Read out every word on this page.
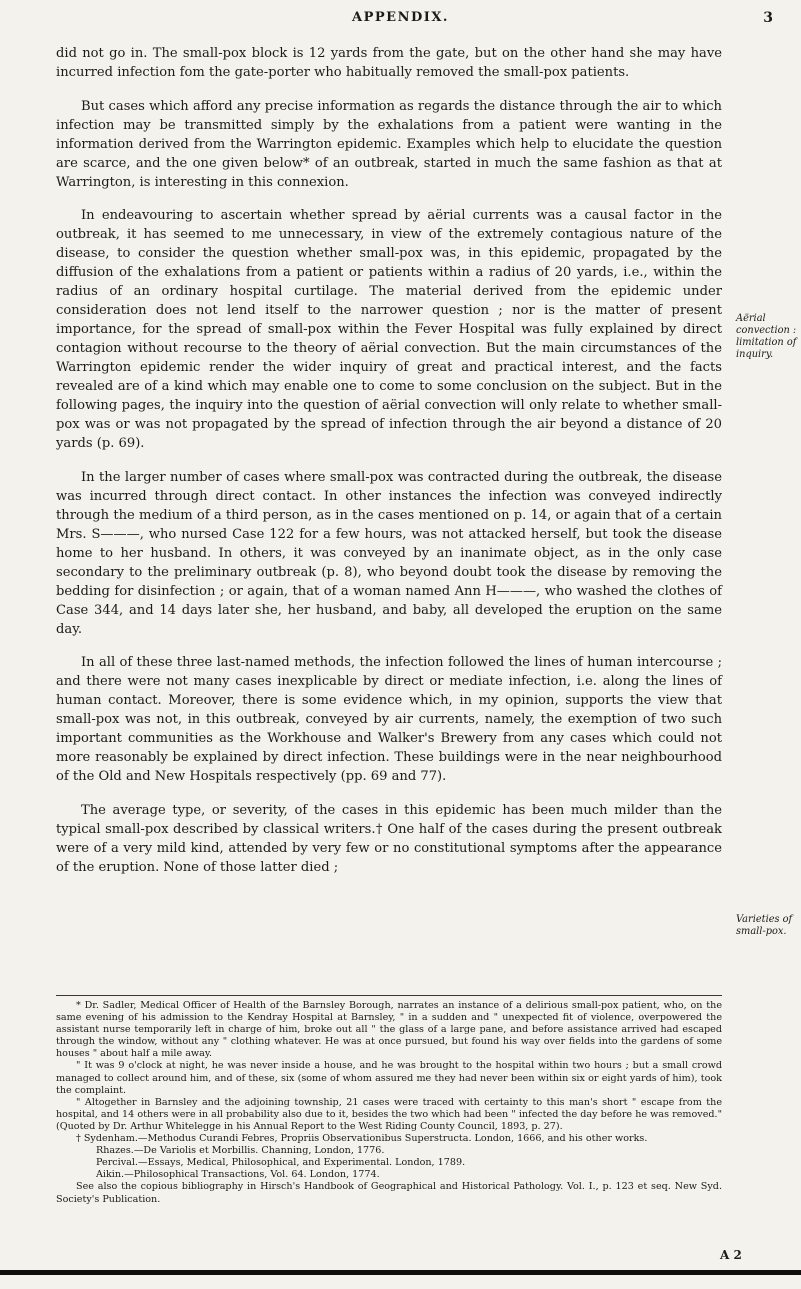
APPENDIX.	3

did not go in. The small-pox block is 12 yards from the gate, but on the other hand she may have incurred infection fom the gate-porter who habitually removed the small-pox patients.

But cases which afford any precise information as regards the distance through the air to which infection may be transmitted simply by the exhalations from a patient were wanting in the information derived from the Warrington epidemic. Examples which help to elucidate the question are scarce, and the one given below* of an outbreak, started in much the same fashion as that at Warrington, is interesting in this connexion.

In endeavouring to ascertain whether spread by aërial currents was a causal factor in the outbreak, it has seemed to me unnecessary, in view of the extremely contagious nature of the disease, to consider the question whether small-pox was, in this epidemic, propagated by the diffusion of the exhalations from a patient or patients within a radius of 20 yards, i.e., within the radius of an ordinary hospital curtilage. The material derived from the epidemic under consideration does not lend itself to the narrower question ; nor is the matter of present importance, for the spread of small-pox within the Fever Hospital was fully explained by direct contagion without recourse to the theory of aërial convection. But the main circumstances of the Warrington epidemic render the wider inquiry of great and practical interest, and the facts revealed are of a kind which may enable one to come to some conclusion on the subject. But in the following pages, the inquiry into the question of aërial convection will only relate to whether small-pox was or was not propagated by the spread of infection through the air beyond a distance of 20 yards (p. 69).

In the larger number of cases where small-pox was contracted during the outbreak, the disease was incurred through direct contact. In other instances the infection was conveyed indirectly through the medium of a third person, as in the cases mentioned on p. 14, or again that of a certain Mrs. S———, who nursed Case 122 for a few hours, was not attacked herself, but took the disease home to her husband. In others, it was conveyed by an inanimate object, as in the only case secondary to the preliminary outbreak (p. 8), who beyond doubt took the disease by removing the bedding for disinfection ; or again, that of a woman named Ann H———, who washed the clothes of Case 344, and 14 days later she, her husband, and baby, all developed the eruption on the same day.

In all of these three last-named methods, the infection followed the lines of human intercourse ; and there were not many cases inexplicable by direct or mediate infection, i.e. along the lines of human contact. Moreover, there is some evidence which, in my opinion, supports the view that small-pox was not, in this outbreak, conveyed by air currents, namely, the exemption of two such important communities as the Workhouse and Walker's Brewery from any cases which could not more reasonably be explained by direct infection. These buildings were in the near neighbourhood of the Old and New Hospitals respectively (pp. 69 and 77).

The average type, or severity, of the cases in this epidemic has been much milder than the typical small-pox described by classical writers.† One half of the cases during the present outbreak were of a very mild kind, attended by very few or no constitutional symptoms after the appearance of the eruption. None of those latter died ;

Aërial convection : limitation of inquiry.
Varieties of small-pox.

* Dr. Sadler, Medical Officer of Health of the Barnsley Borough, narrates an instance of a delirious small-pox patient, who, on the same evening of his admission to the Kendray Hospital at Barnsley, " in a sudden and " unexpected fit of violence, overpowered the assistant nurse temporarily left in charge of him, broke out all " the glass of a large pane, and before assistance arrived had escaped through the window, without any " clothing whatever. He was at once pursued, but found his way over fields into the gardens of some houses " about half a mile away.

" It was 9 o'clock at night, he was never inside a house, and he was brought to the hospital within two hours ; but a small crowd managed to collect around him, and of these, six (some of whom assured me they had never been within six or eight yards of him), took the complaint.

" Altogether in Barnsley and the adjoining township, 21 cases were traced with certainty to this man's short " escape from the hospital, and 14 others were in all probability also due to it, besides the two which had been " infected the day before he was removed." (Quoted by Dr. Arthur Whitelegge in his Annual Report to the West Riding County Council, 1893, p. 27).

† Sydenham.—Methodus Curandi Febres, Propriis Observationibus Superstructa. London, 1666, and his other works.

Rhazes.—De Variolis et Morbillis. Channing, London, 1776.

Percival.—Essays, Medical, Philosophical, and Experimental. London, 1789.

Aikin.—Philosophical Transactions, Vol. 64. London, 1774.

See also the copious bibliography in Hirsch's Handbook of Geographical and Historical Pathology. Vol. I., p. 123 et seq. New Syd. Society's Publication.

A 2
